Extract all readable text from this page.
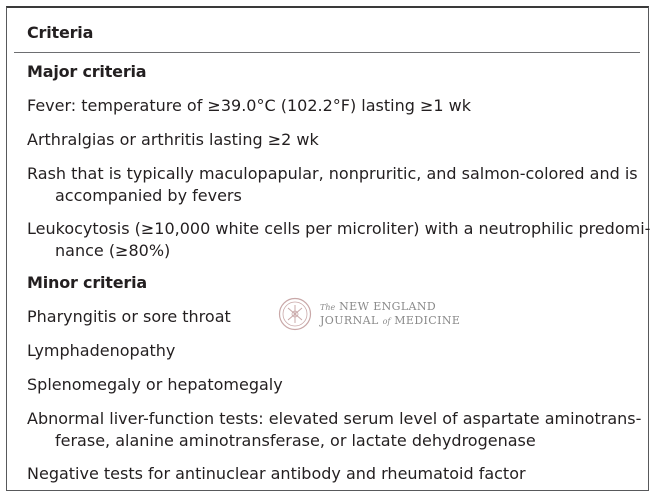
Criteria
Major criteria
Fever: temperature of ≥39.0°C (102.2°F) lasting ≥1 wk
Arthralgias or arthritis lasting ≥2 wk
Rash that is typically maculopapular, nonpruritic, and salmon-colored and is
accompanied by fevers
Leukocytosis (≥10,000 white cells per microliter) with a neutrophilic predomi-
nance (≥80%)
Minor criteria
Pharyngitis or sore throat
Lymphadenopathy
Splenomegaly or hepatomegaly
Abnormal liver-function tests: elevated serum level of aspartate aminotrans-
ferase, alanine aminotransferase, or lactate dehydrogenase
Negative tests for antinuclear antibody and rheumatoid factor
The NEW ENGLAND
JOURNAL of MEDICINE
